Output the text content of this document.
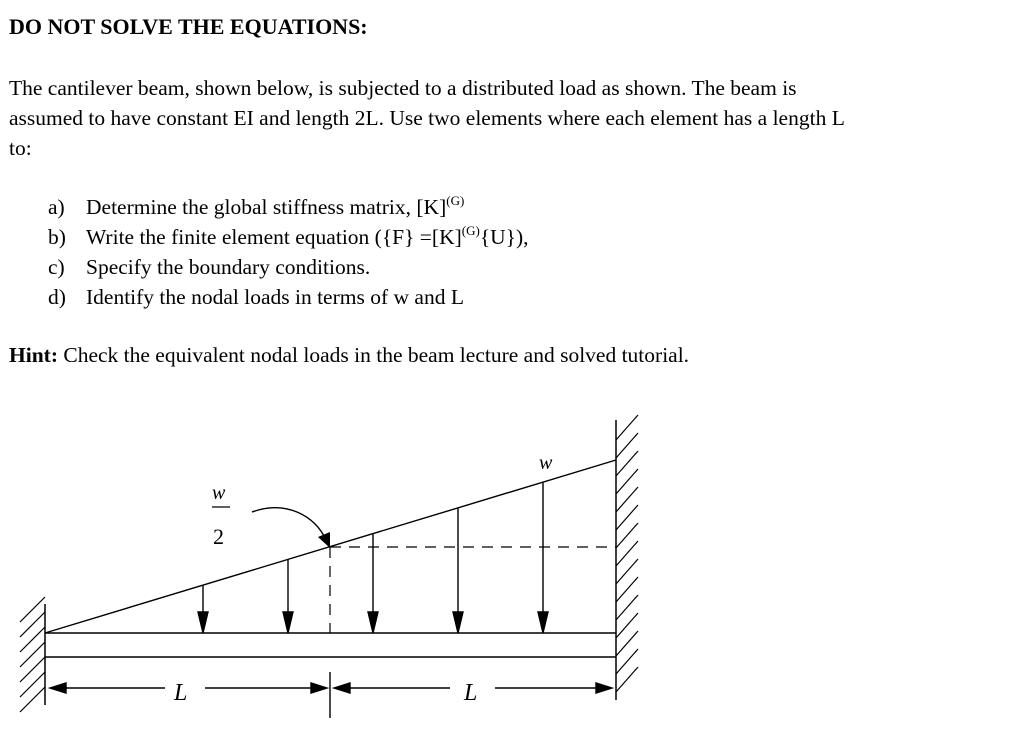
DO NOT SOLVE THE EQUATIONS:
The cantilever beam, shown below, is subjected to a distributed load as shown. The beam is
assumed to have constant EI and length 2L. Use two elements where each element has a length L
to:
a) Determine the global stiffness matrix, $[K]^{(G)}$
b) Write the finite element equation $(\{F\} =[K]^{(G)}\{U\})$,
c) Specify the boundary conditions.
d) Identify the nodal loads in terms of w and L
Hint: Check the equivalent nodal loads in the beam lecture and solved tutorial.
L	L
w
w
2
